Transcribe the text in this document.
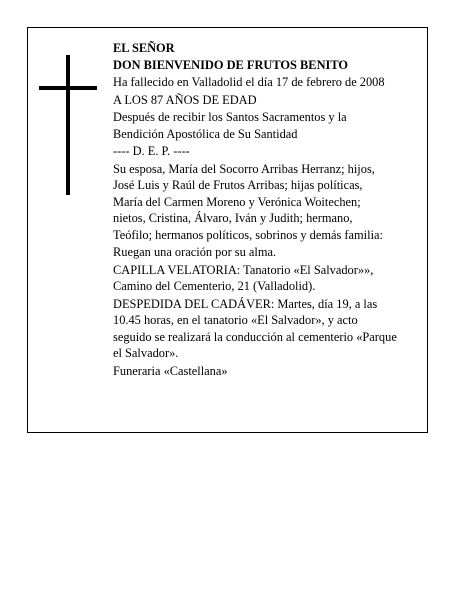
EL SEÑOR
DON BIENVENIDO DE FRUTOS BENITO
Ha fallecido en Valladolid el día 17 de febrero de 2008
A LOS 87 AÑOS DE EDAD
Después de recibir los Santos Sacramentos y la
Bendición Apostólica de Su Santidad
---- D. E. P. ----
Su esposa, María del Socorro Arribas Herranz; hijos,
José Luis y Raúl de Frutos Arribas; hijas políticas,
María del Carmen Moreno y Verónica Woitechen;
nietos, Cristina, Álvaro, Iván y Judith; hermano,
Teófilo; hermanos políticos, sobrinos y demás familia:
Ruegan una oración por su alma.
CAPILLA VELATORIA: Tanatorio «El Salvador»»,
Camino del Cementerio, 21 (Valladolid).
DESPEDIDA DEL CADÁVER: Martes, día 19, a las
10.45 horas, en el tanatorio «El Salvador», y acto
seguido se realizará la conducción al cementerio «Parque
el Salvador».
Funeraria «Castellana»
